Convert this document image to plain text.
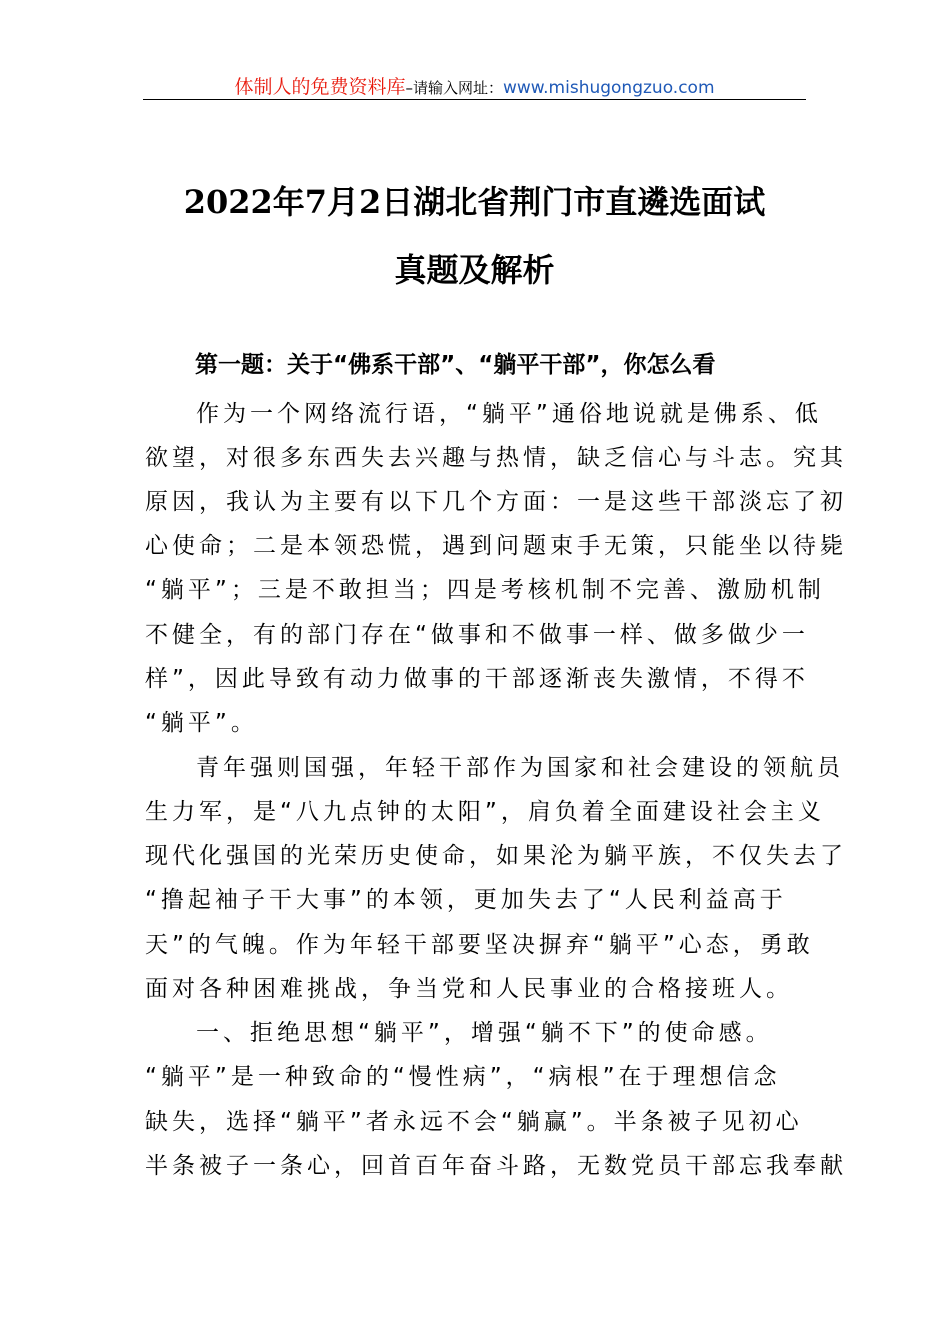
体制人的免费资料库–请输入网址：www.mishugongzuo.com
2022年7月2日湖北省荆门市直遴选面试
真题及解析
第一题：关于“佛系干部”、“躺平干部”，你怎么看
作为一个网络流行语，“躺平”通俗地说就是佛系、低
欲望，对很多东西失去兴趣与热情，缺乏信心与斗志。究其
原因，我认为主要有以下几个方面：一是这些干部淡忘了初
心使命；二是本领恐慌，遇到问题束手无策，只能坐以待毙
“躺平”；三是不敢担当；四是考核机制不完善、激励机制
不健全，有的部门存在“做事和不做事一样、做多做少一
样”，因此导致有动力做事的干部逐渐丧失激情，不得不
“躺平”。
青年强则国强，年轻干部作为国家和社会建设的领航员
生力军，是“八九点钟的太阳”，肩负着全面建设社会主义
现代化强国的光荣历史使命，如果沦为躺平族，不仅失去了
“撸起袖子干大事”的本领，更加失去了“人民利益高于
天”的气魄。作为年轻干部要坚决摒弃“躺平”心态，勇敢
面对各种困难挑战，争当党和人民事业的合格接班人。
一、拒绝思想“躺平”，增强“躺不下”的使命感。
“躺平”是一种致命的“慢性病”，“病根”在于理想信念
缺失，选择“躺平”者永远不会“躺赢”。半条被子见初心
半条被子一条心，回首百年奋斗路，无数党员干部忘我奉献
